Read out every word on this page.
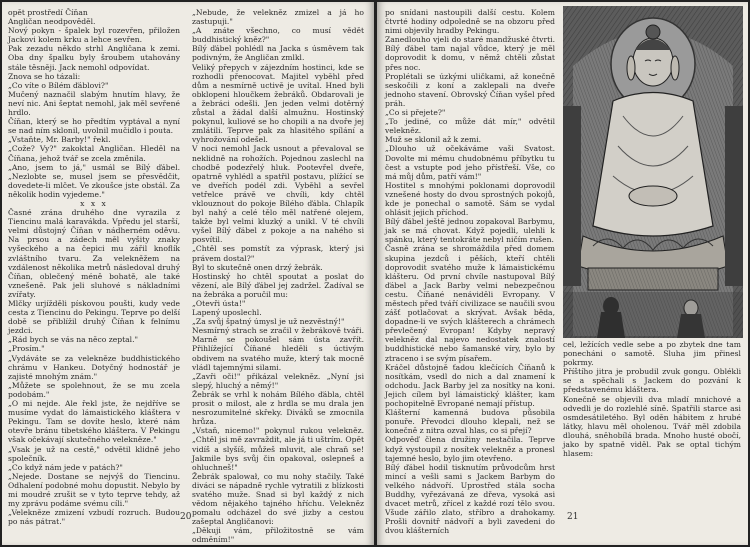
opět prostředí Číňan

Angličan neodpověděl.

Nový pokyn - špalek byl rozevřen, přiložen Jackovi kolem krku a lehce sevřen.

Pak zezadu někdo strhl Angličana k zemi. Oba dny špalku byly šroubem utahovány stále těsněji. Jack nemohl odpovídat.

Znova se ho tázali:

„Co víte o Bílém ďáblovi?"

Mučený naznačil slabým hnutím hlavy, že neví nic. Ani šeptat nemohl, jak měl sevřené hrdlo.

Číňan, který se ho předtím vyptával a nyní se nad ním sklonil, uvolnil mučidlo i pouta.

„Vstaňte, Mr. Barby!" řekl.

„Cože? Vy?" zakoktal Angličan. Hleděl na Číňana, jehož tvář se zcela změnila.

„Ano, jsem to já," usmál se Bílý ďábel. „Nezlobte se, musel jsem se přesvědčit, dovedete-li mlčet. Ve zkoušce jste obstál. Za několik hodin vyjedeme."

x x x

Časné zrána druhého dne vyrazila z Tiencinu malá karavákda. Vpředu jel starší, velmi důstojný Číňan v nádherném oděvu. Na prsou a zádech měl vyšity znaky vyšeckého a na čepici mu zářil knoflík zvláštního tvaru. Za velekněžem na vzdálenost několika metrů následoval druhý Číňan, oblečený méně bohatě, ale také vznešeně. Pak jeli sluhové s nákladními zvířaty.

Mlčky urjížděli pískovou poušti, kudy vede cesta z Tiencinu do Pekingu. Teprve po delší době se přiblížil druhý Číňan k felnímu jezdci.

„Rád bych se vás na něco zeptal."

„Prosím."

„Vydáváte se za velekněze buddhistického chrámu v Hankeu. Dotyčný hodnostář je zajisté mnohým znám."

„Můžete se spolehnout, že se mu zcela podobám."

„O mi nejde. Ale řekl jste, že nejdříve se musíme vydat do lámaistického kláštera v Pekingu. Tam se dovíte heslo, které nám otevře bránu tibetského kláštera. V Pekingu však očekávají skutečného velekněze."

„Vsak je už na cestě," odvětil klidně jeho společník.

„Co když nám jede v patách?"

„Nejede. Dostane se nejvýš do Tiencinu. Odhalení podobné mohu dopustit. Nebylo by mi moudré zrušit se v tyto teprve tehdy, až my zprávu podáme svému cíli."

„Velekněze zmizení vzbudí rozruch. Budou po nás pátrat."

„Nebude, že velekněz zmizel a já ho zastupuji."

„A znáte všechno, co musí vědět buddhistický kněz?"

Bílý ďábel pohlédl na Jacka s úsměvem tak podivným, že Angličan zmlkl.

Veliký přepych v zájezdním hostinci, kde se rozhodli přenocovat. Majitel vyběhl před dům a nesmírně uctivě je uvítal. Hned byli obklopeni hloučkem žebráků. Obdarovali je a žebráci odešli. Jen jeden velmi dotěrný zůstal a žádal další almužnu. Hostinský pokynul, kuliové se ho chopili a na dvoře jej zmlátili. Teprve pak za hlasitého spílání a vyhrožování odešel.

V noci nemohl Jack usnout a převaloval se neklidně na rohožích. Pojednou zaslechl na chodbě podezřelý hluk. Pootevřel dveře, opatrně vyhlédl a spatřil postavu, plížící se ve dveřích podél zdi. Vyběhl a sevřel vetřelce právě ve chvíli, kdy chtěl vklouznout do pokoje Bílého ďábla. Chlapík byl nahý a celé tělo měl natřené olejem, takže byl velmi kluzký a unikl. V té chvíli vyšel Bílý ďábel z pokoje a na nahého si posvítil.

„Chtěl ses pomstít za výprask, který jsi právem dostal?"

Byl to skutečně onen drzý žebrák.

Hostinský ho chtěl spoutat a poslat do vězení, ale Bílý ďábel jej zadržel. Zadíval se na žebráka a poručil mu:

„Otevři ústa!"

Lapený uposlechl.

„Za svůj špatný úmysl je už nezvěstný!"

Nesmírný strach se zračil v žebrákově tváři. Marně se pokoušel sám ústa zavřít. Přihlížející Číňané hleděli s úctivým obdivem na svatého muže, který tak mocně vládl tajemnými silami.

„Zavři oči!" přikázal velekněz. „Nyní jsi slepý, hluchý a němý!"

Žebrák se vrhl k nohám Bílého ďábla, chtěl prosit o milost, ale z hrdla se mu drala jen nesrozumitelné skřeky. Diváků se zmocnila hrůza.

„Vstaň, nicemo!" pokynul rukou velekněz. „Chtěl jsi mě zavraždit, ale já ti uštrím. Opět vidíš a slyšíš, můžeš mluvit, ale chraň se! Jakmile bys svůj čin opakoval, oslepneš a ohluchneš!"

Žebrák spalował, co mu nohy stačily. Také diváci se nápadně rychle vytratili z blízkosti svatého muže. Snad si byl každý z nich vědom nějakého tajného hříchu. Velekněz pomalu odcházel do své jizby a cestou zašeptal Angličanovi:

„Děkuji vám, přiložitostně se vám odměním!"

20

po snídani nastoupili další cestu. Kolem čtvrté hodiny odpoledně se na obzoru před nimi objevily hradby Pekingu.

Zanedlouho vjeli do staré mandžuské čtvrti. Bílý ďábel tam najal vůdce, který je měl doprovodit k domu, v němž chtěli zůstat přes noc.

Proplétali se úzkými uličkami, až konečně seskočili z koní a zaklepali na dveře jednoho stavení. Obrovský Číňan vyšel před práh.

„Co si přejete?"

„To jediné, co může dát mír," odvětil velekněz.

Muž se sklonil až k zemi.

„Dlouho už očekáváme vaši Svatost. Dovolte mi mému chudobnému příbytku tu čest a vstupte pod jeho přístřeší. Vše, co má můj dům, patří vám!"

Hostitel s mnohými poklonami doprovodil vznešené hosty do dvou sprostných pokojů, kde je ponechal o samotě. Sám se vydal ohlásit jejich příchod.

Bílý ďábel ještě jednou zopakoval Barbymu, jak se má chovat. Když pojedli, ulehli k spánku, který tentokráte nebyl ničím rušen.

Časně zrána se shromáždila před domem skupina jezdců i pěších, kteří chtěli doprovodit svatého muže k lámaistickému klášteru. Od první chvíle nastupoval Bílý ďábel a Jack Barby velmi nebezpečnou cestu. Číňané nenáviděli Evropany. V městech před tváří civilizace se naučili svou zášť potlačovat a skrývat. Avšak běda, dopadne-li ve svých klášterech a chrámech převlečený Evropan! Kdyby nepravý velekněz dal najevo nedostatek znalostí buddhistické nebo šamanské víry, bylo by ztraceno i se svým písařem.

Kráčel důstojně ťadou klečících Číňanů k nosítkám, vsedl do nich a dal znamení k odchodu. Jack Barby jel za nosítky na koni. Jejich cílem byl lámaistický klášter, kam pochopitelně Evropané nemají přístup.

Klášterní kamenná budova působila ponuře. Převodci dlouho klepali, než se konečně z nitra ozval hlas, co si přejí?

Odpověď člena družiny nestačila. Teprve když vystoupil z nosítek velekněz a pronesl tajemné heslo, bylo jim otevřeno.

Bílý ďábel hodil tisknutím průvodcům hrst mincí a vešli sami s Jackem Barbym do velkého nádvoří. Uprostřed stála socha Buddhy, vyřezávaná ze dřeva, vysoká asi dvacet metrů, zřícel z každé rozí tělo svou. Všude zářilo zlato, stříbro a drahokamy. Prošli dovnitř nádvoří a byli zavedeni do dvou klášterních

cel, ležících vedle sebe a po zbytek dne tam ponecháni o samotě. Sluha jim přinesl pokrmy.

Příštího jitra je probudil zvuk gongu. Oblékli se a spěchali s Jackem do pozvání k představenému kláštera.

Konečně se objevili dva mladí mnichové a odvedli je do rozlehlé síně. Spatřili starce asi osmdesátiletého. Byl oděn hábitem z hrubé látky, hlavu měl oholenou. Tvář měl zdobila dlouhá, sněhobílá brada. Mnoho husté obočí, jako by spatně viděl. Pak se optal tichým hlasem:

21
